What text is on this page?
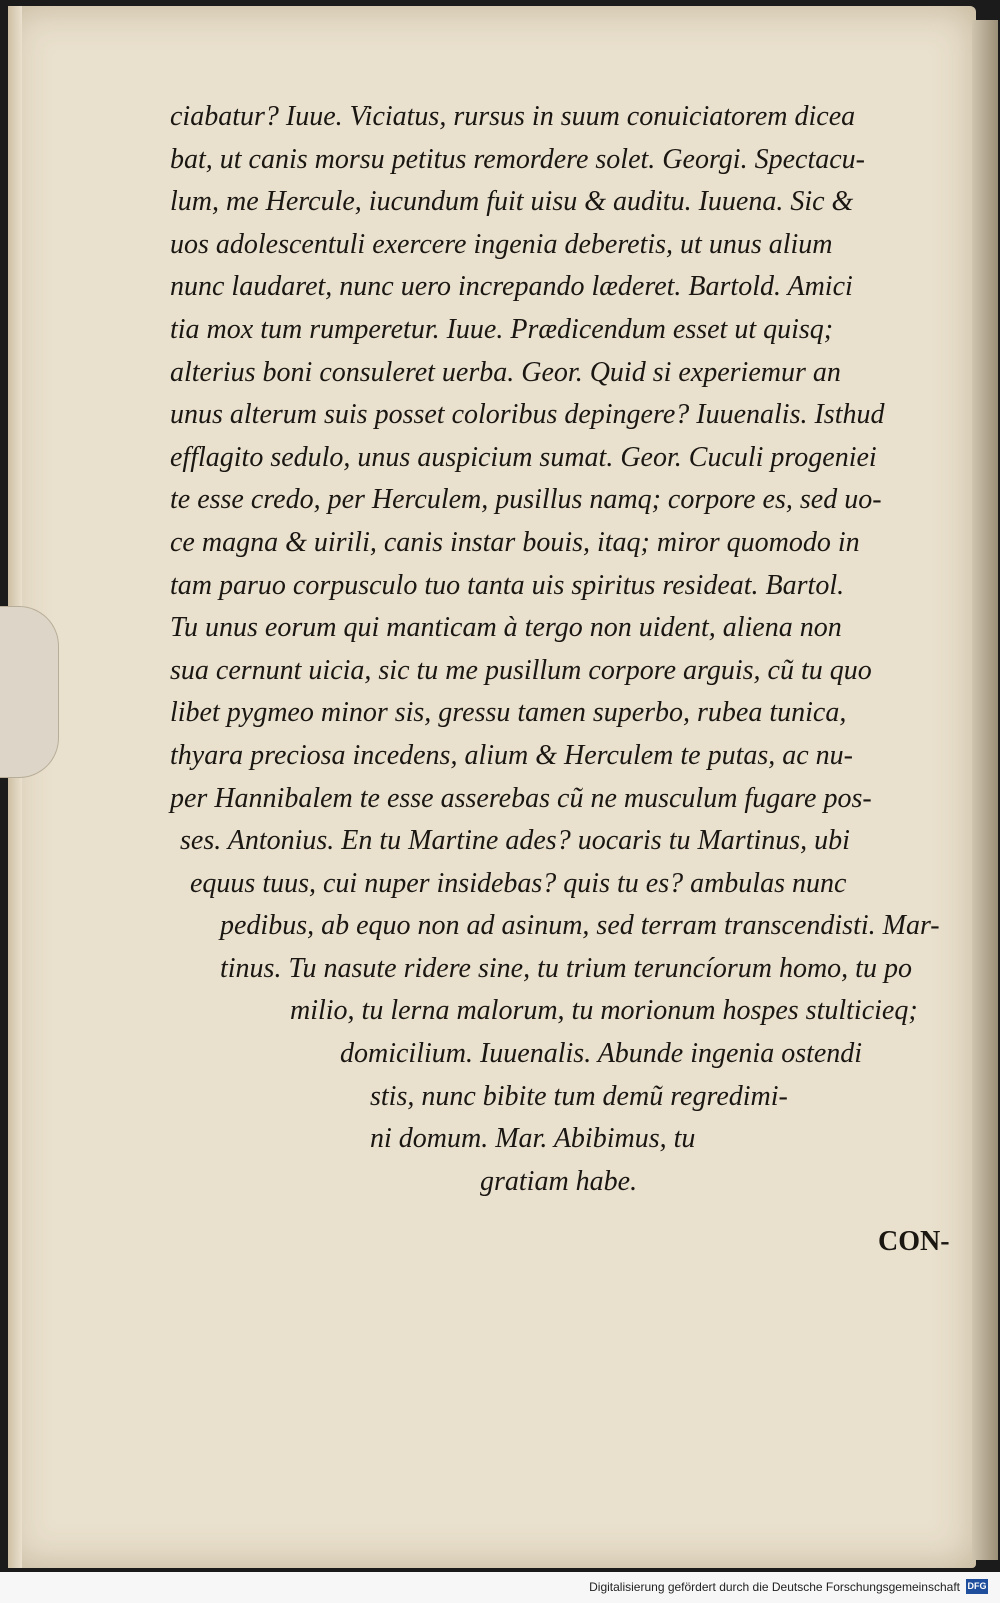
ciabatur? Iuue. Viciatus, rursus in suum conuiciatorem dicea
bat, ut canis morsu petitus remordere solet. Georgi. Spectacu-
lum, me Hercule, iucundum fuit uisu & auditu. Iuuena. Sic &
uos adolescentuli exercere ingenia deberetis, ut unus alium
nunc laudaret, nunc uero increpando læderet. Bartold. Amici
tia mox tum rumperetur. Iuue. Prædicendum esset ut quisq;
alterius boni consuleret uerba. Geor. Quid si experiemur an
unus alterum suis posset coloribus depingere? Iuuenalis. Isthud
efflagito sedulo, unus auspicium sumat. Geor. Cuculi progeniei
te esse credo, per Herculem, pusillus namq; corpore es, sed uo-
ce magna & uirili, canis instar bouis, itaq; miror quomodo in
tam paruo corpusculo tuo tanta uis spiritus resideat. Bartol.
Tu unus eorum qui manticam à tergo non uident, aliena non
sua cernunt uicia, sic tu me pusillum corpore arguis, cũ tu quo
libet pygmeo minor sis, gressu tamen superbo, rubea tunica,
thyara preciosa incedens, alium & Herculem te putas, ac nu-
per Hannibalem te esse asserebas cũ ne musculum fugare pos-
ses. Antonius. En tu Martine ades? uocaris tu Martinus, ubi
equus tuus, cui nuper insidebas? quis tu es? ambulas nunc
pedibus, ab equo non ad asinum, sed terram transcendisti. Mar-
tinus. Tu nasute ridere sine, tu trium teruncíorum homo, tu po
milio, tu lerna malorum, tu morionum hospes stulticieq;
domicilium. Iuuenalis. Abunde ingenia ostendi
stis, nunc bibite tum demũ regredimi-
ni domum. Mar. Abibimus, tu
gratiam habe.
CON-
Digitalisierung gefördert durch die Deutsche Forschungsgemeinschaft DFG
